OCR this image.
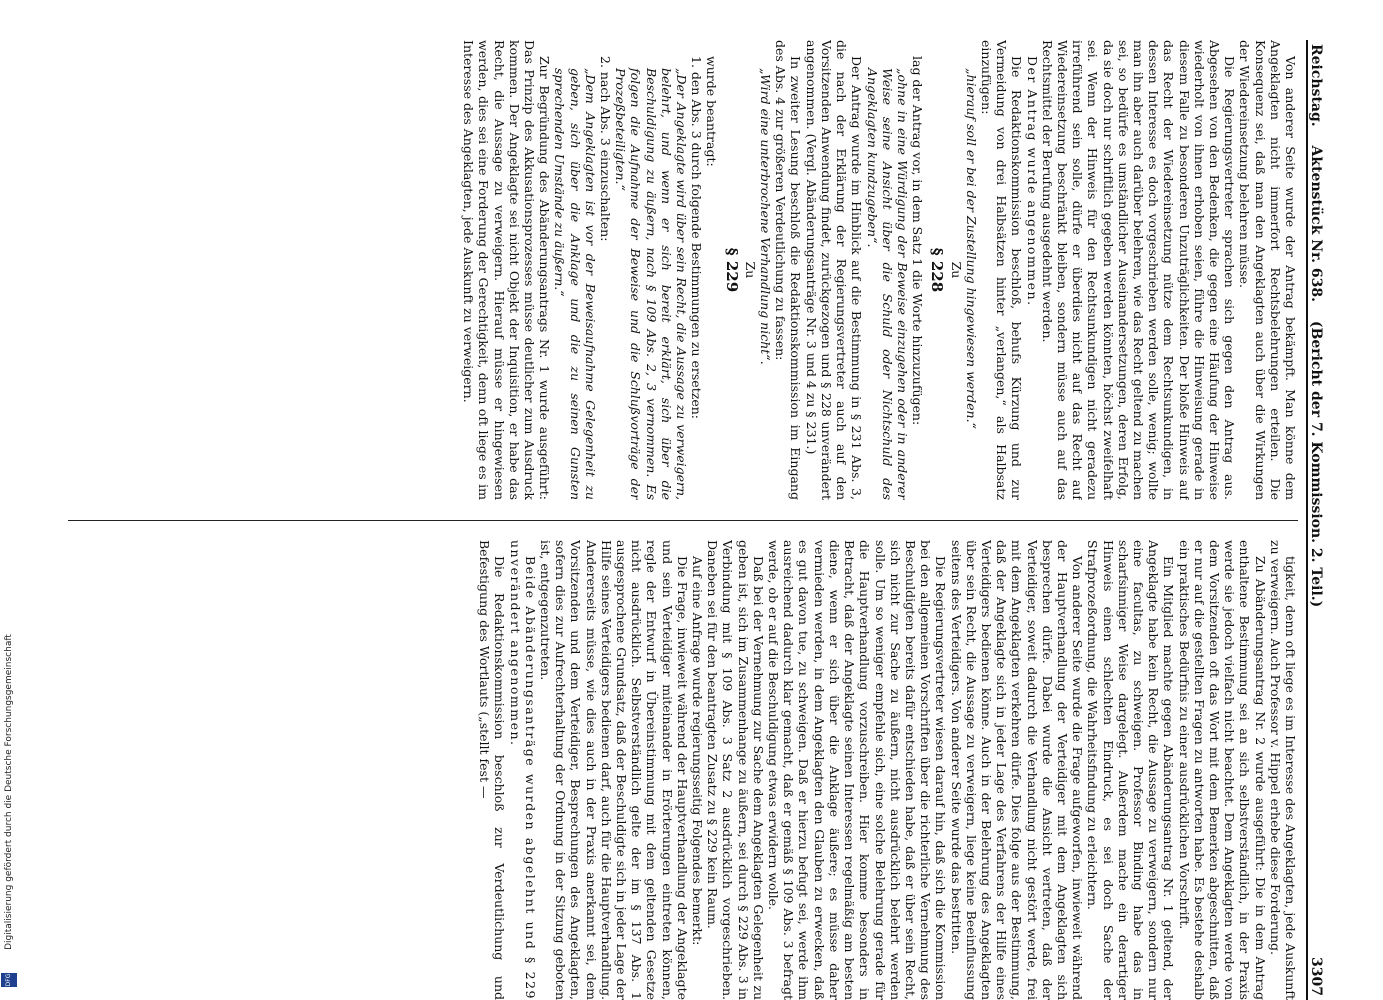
Digitalisierung gefördert durch die Deutsche Forschungsgemeinschaft
DFG
Reichstag. Aktenstück Nr. 638. (Bericht der 7. Kommission. 2. Teil.)
3307

Von anderer Seite wurde der Antrag bekämpft. Man könne dem Angeklagten nicht immerfort Rechtsbelehrungen erteilen. Die Konsequenz sei, daß man den Angeklagten auch über die Wirkungen der Wiedereinsetzung belehren müsse.

Die Regierungsvertreter sprachen sich gegen den Antrag aus. Abgesehen von den Bedenken, die gegen eine Häufung der Hinweise wiederholt von ihnen erhoben seien, führe die Hinweisung gerade in diesem Falle zu besonderen Unzuträglichkeiten. Der bloße Hinweis auf das Recht der Wiedereinsetzung nütze dem Rechtsunkundigen, in dessen Interesse es doch vorgeschrieben werden solle, wenig; wollte man ihn aber auch darüber belehren, wie das Recht geltend zu machen sei, so bedürfe es umständlicher Auseinandersetzungen, deren Erfolg, da sie doch nur schriftlich gegeben werden könnten, höchst zweifelhaft sei. Wenn der Hinweis für den Rechtsunkundigen nicht geradezu irreführend sein solle, dürfe er überdies nicht auf das Recht auf Wiedereinsetzung beschränkt bleiben, sondern müsse auch auf das Rechtsmittel der Berufung ausgedehnt werden.

Der Antrag wurde angenommen.

Die Redaktionskommission beschloß, behufs Kürzung und zur Vermeidung von drei Halbsätzen hinter „verlangen,“ als Halbsatz einzufügen:

„hierauf soll er bei der Zustellung hingewiesen werden.“

Zu

§ 228

lag der Antrag vor, in dem Satz 1 die Worte hinzuzufügen:

„ohne in eine Würdigung der Beweise einzugehen oder in anderer Weise seine Ansicht über die Schuld oder Nichtschuld des Angeklagten kundzugeben“.

Der Antrag wurde im Hinblick auf die Bestimmung in § 231 Abs. 3, die nach der Erklärung der Regierungsvertreter auch auf den Vorsitzenden Anwendung findet, zurückgezogen und § 228 unverändert angenommen. (Vergl. Abänderungsanträge Nr. 3 und 4 zu § 231.)

In zweiter Lesung beschloß die Redaktionskommission im Eingang des Abs. 4 zur größeren Verdeutlichung zu fassen:

„Wird eine unterbrochene Verhandlung nicht“.

Zu

§ 229

wurde beantragt:

1. den Abs. 3 durch folgende Bestimmungen zu ersetzen:

„Der Angeklagte wird über sein Recht, die Aussage zu verweigern, belehrt, und wenn er sich bereit erklärt, sich über die Beschuldigung zu äußern, nach § 109 Abs. 2, 3 vernommen. Es folgen die Aufnahme der Beweise und die Schlußvorträge der Prozeßbeteiligten.“

2. nach Abs. 3 einzuschalten:

„Dem Angeklagten ist vor der Beweisaufnahme Gelegenheit zu geben, sich über die Anklage und die zu seinen Gunsten sprechenden Umstände zu äußern.“

Zur Begründung des Abänderungsantrags Nr. 1 wurde ausgeführt: Das Prinzip des Akkusationsprozesses müsse deutlicher zum Ausdruck kommen. Der Angeklagte sei nicht Objekt der Inquisition, er habe das Recht, die Aussage zu verweigern. Hierauf müsse er hingewiesen werden, dies sei eine Forderung der Gerechtigkeit, denn oft liege es im Interesse des Angeklagten, jede Auskunft zu verweigern.

tigkeit, denn oft liege es im Interesse des Angeklagten, jede Auskunft zu verweigern. Auch Professor v. Hippel erhebe diese Forderung.

Zu Abänderungsantrag Nr. 2 wurde ausgeführt: Die in dem Antrag enthaltene Bestimmung sei an sich selbstverständlich, in der Praxis werde sie jedoch vielfach nicht beachtet. Dem Angeklagten werde von dem Vorsitzenden oft das Wort mit dem Bemerken abgeschnitten, daß er nur auf die gestellten Fragen zu antworten habe. Es bestehe deshalb ein praktisches Bedürfnis zu einer ausdrücklichen Vorschrift.

Ein Mitglied machte gegen Abänderungsantrag Nr. 1 geltend, der Angeklagte habe kein Recht, die Aussage zu verweigern, sondern nur eine facultas, zu schweigen. Professor Binding habe das in scharfsinniger Weise dargelegt. Außerdem mache ein derartiger Hinweis einen schlechten Eindruck, es sei doch Sache der Strafprozeßordnung, die Wahrheitsfindung zu erleichtern.

Von anderer Seite wurde die Frage aufgeworfen, inwieweit während der Hauptverhandlung der Verteidiger mit dem Angeklagten sich besprechen dürfe. Dabei wurde die Ansicht vertreten, daß der Verteidiger, soweit dadurch die Verhandlung nicht gestört werde, frei mit dem Angeklagten verkehren dürfe. Dies folge aus der Bestimmung, daß der Angeklagte sich in jeder Lage des Verfahrens der Hilfe eines Verteidigers bedienen könne. Auch in der Belehrung des Angeklagten über sein Recht, die Aussage zu verweigern, liege keine Beeinflussung seitens des Verteidigers. Von anderer Seite wurde das bestritten.

Die Regierungsvertreter wiesen darauf hin, daß sich die Kommission bei den allgemeinen Vorschriften über die richterliche Vernehmung des Beschuldigten bereits dafür entschieden habe, daß er über sein Recht, sich nicht zur Sache zu äußern, nicht ausdrücklich belehrt werden solle. Um so weniger empfehle sich, eine solche Belehrung gerade für die Hauptverhandlung vorzuschreiben. Hier komme besonders in Betracht, daß der Angeklagte seinen Interessen regelmäßig am besten diene, wenn er sich über die Anklage äußere; es müsse daher vermieden werden, in dem Angeklagten den Glauben zu erwecken, daß es gut davon tue, zu schweigen. Daß er hierzu befugt sei, werde ihm ausreichend dadurch klar gemacht, daß er gemäß § 109 Abs. 3 befragt werde, ob er auf die Beschuldigung etwas erwidern wolle.

Daß bei der Vernehmung zur Sache dem Angeklagten Gelegenheit zu geben ist, sich im Zusammenhange zu äußern, sei durch § 229 Abs. 3 in Verbindung mit § 109 Abs. 3 Satz 2 ausdrücklich vorgeschrieben. Daneben sei für den beantragten Zusatz zu § 229 kein Raum.

Auf eine Anfrage wurde regierungsseitig Folgendes bemerkt:

Die Frage, inwieweit während der Hauptverhandlung der Angeklagte und sein Verteidiger miteinander in Erörterungen eintreten können, regle der Entwurf in Übereinstimmung mit dem geltenden Gesetze nicht ausdrücklich. Selbstverständlich gelte der im § 137 Abs. 1 ausgesprochene Grundsatz, daß der Beschuldigte sich in jeder Lage der Hilfe seines Verteidigers bedienen darf, auch für die Hauptverhandlung. Andererseits müsse, wie dies auch in der Praxis anerkannt sei, dem Vorsitzenden und dem Verteidiger, Besprechungen des Angeklagten, sofern dies zur Aufrechterhaltung der Ordnung in der Sitzung geboten ist, entgegenzutreten.

Beide Abänderungsanträge wurden abgelehnt und § 229 unverändert angenommen.

Die Redaktionskommission beschloß zur Verdeutlichung und Befestigung des Wortlauts („stellt fest —
